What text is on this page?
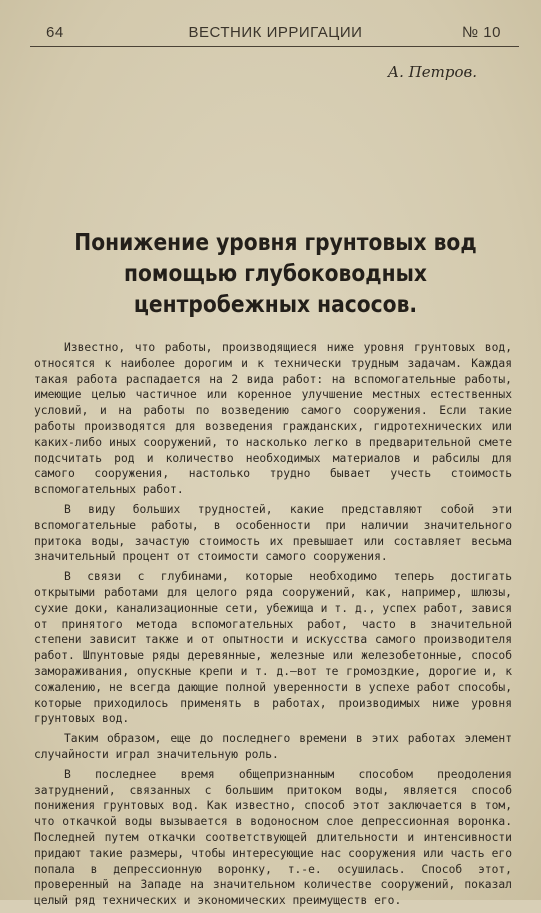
64	ВЕСТНИК ИРРИГАЦИИ	№ 10
А. Петров.
Понижение уровня грунтовых вод помощью глубоководных центробежных насосов.

Известно, что работы, производящиеся ниже уровня грунтовых вод, относятся к наиболее дорогим и к технически трудным задачам. Каждая такая работа распадается на 2 вида работ: на вспомогательные работы, имеющие целью частичное или коренное улучшение местных естественных условий, и на работы по возведению самого сооружения. Если такие работы производятся для возведения гражданских, гидротехнических или каких-либо иных сооружений, то насколько легко в предварительной смете подсчитать род и количество необходимых материалов и рабсилы для самого сооружения, настолько трудно бывает учесть стоимость вспомогательных работ.

В виду больших трудностей, какие представляют собой эти вспомогательные работы, в особенности при наличии значительного притока воды, зачастую стоимость их превышает или составляет весьма значительный процент от стоимости самого сооружения.

В связи с глубинами, которые необходимо теперь достигать открытыми работами для целого ряда сооружений, как, например, шлюзы, сухие доки, канализационные сети, убежища и т. д., успех работ, завися от принятого метода вспомогательных работ, часто в значительной степени зависит также и от опытности и искусства самого производителя работ. Шпунтовые ряды деревянные, железные или железобетонные, способ замораживания, опускные крепи и т. д.—вот те громоздкие, дорогие и, к сожалению, не всегда дающие полной уверенности в успехе работ способы, которые приходилось применять в работах, производимых ниже уровня грунтовых вод.

Таким образом, еще до последнего времени в этих работах элемент случайности играл значительную роль.

В последнее время общепризнанным способом преодоления затруднений, связанных с большим притоком воды, является способ понижения грунтовых вод. Как известно, способ этот заключается в том, что откачкой воды вызывается в водоносном слое депрессионная воронка. Последней путем откачки соответствующей длительности и интенсивности придают такие размеры, чтобы интересующие нас сооружения или часть его попала в депрессионную воронку, т.-е. осушилась. Способ этот, проверенный на Западе на значительном количестве сооружений, показал целый ряд технических и экономических преимуществ его.
